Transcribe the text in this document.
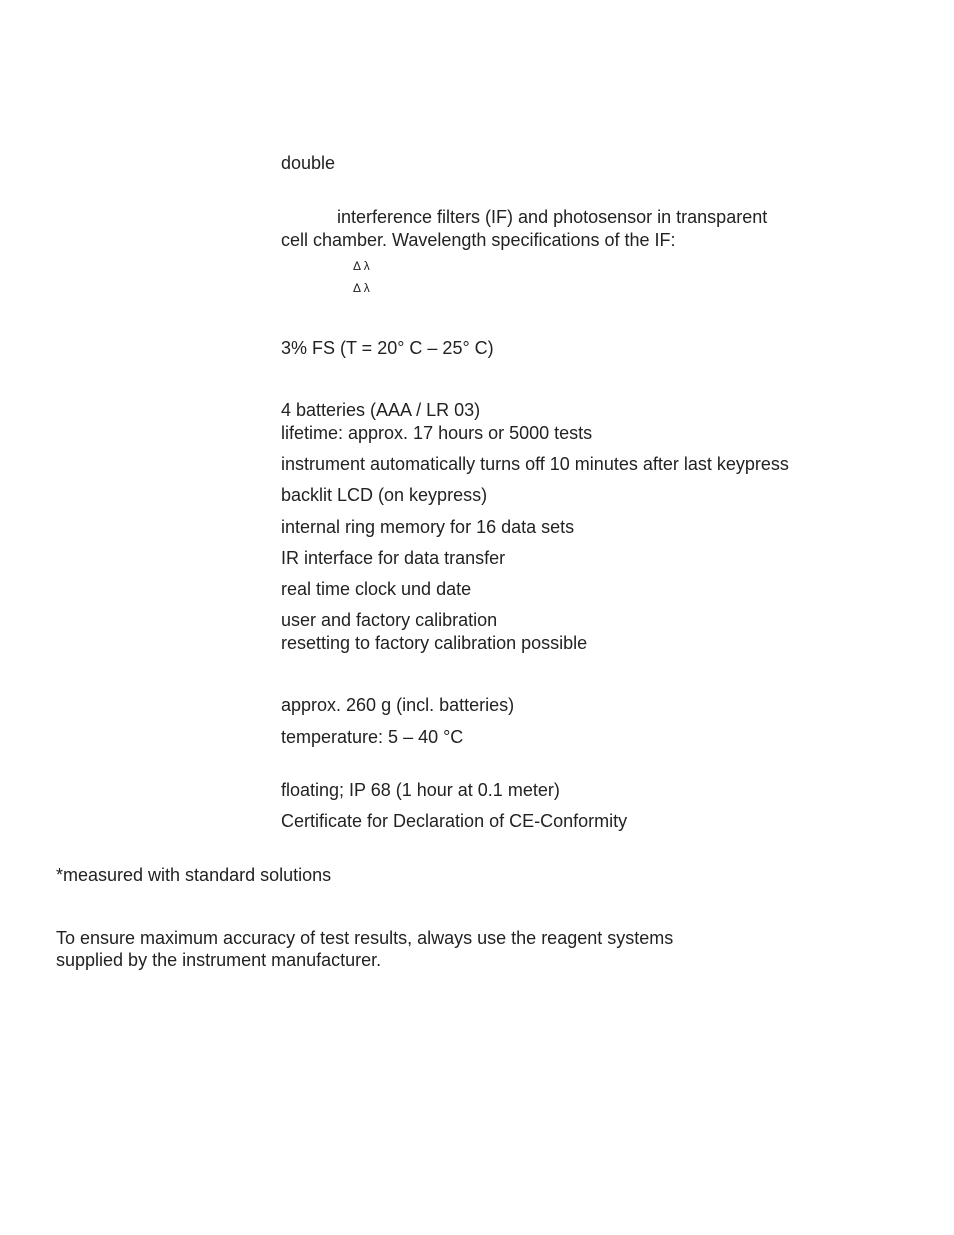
double
interference filters (IF) and photosensor in transparent
cell chamber. Wavelength specifications of the IF:
Δ λ
Δ λ
3% FS (T = 20° C – 25° C)
4 batteries (AAA / LR 03)
lifetime: approx. 17 hours or 5000 tests
instrument automatically turns off 10 minutes after last keypress
backlit LCD (on keypress)
internal ring memory for 16 data sets
IR interface for data transfer
real time clock und date
user and factory calibration
resetting to factory calibration possible
approx. 260 g (incl. batteries)
temperature: 5 – 40 °C
floating; IP 68 (1 hour at 0.1 meter)
Certificate for Declaration of CE-Conformity
*measured with standard solutions
To ensure maximum accuracy of test results, always use the reagent systems
supplied by the instrument manufacturer.
